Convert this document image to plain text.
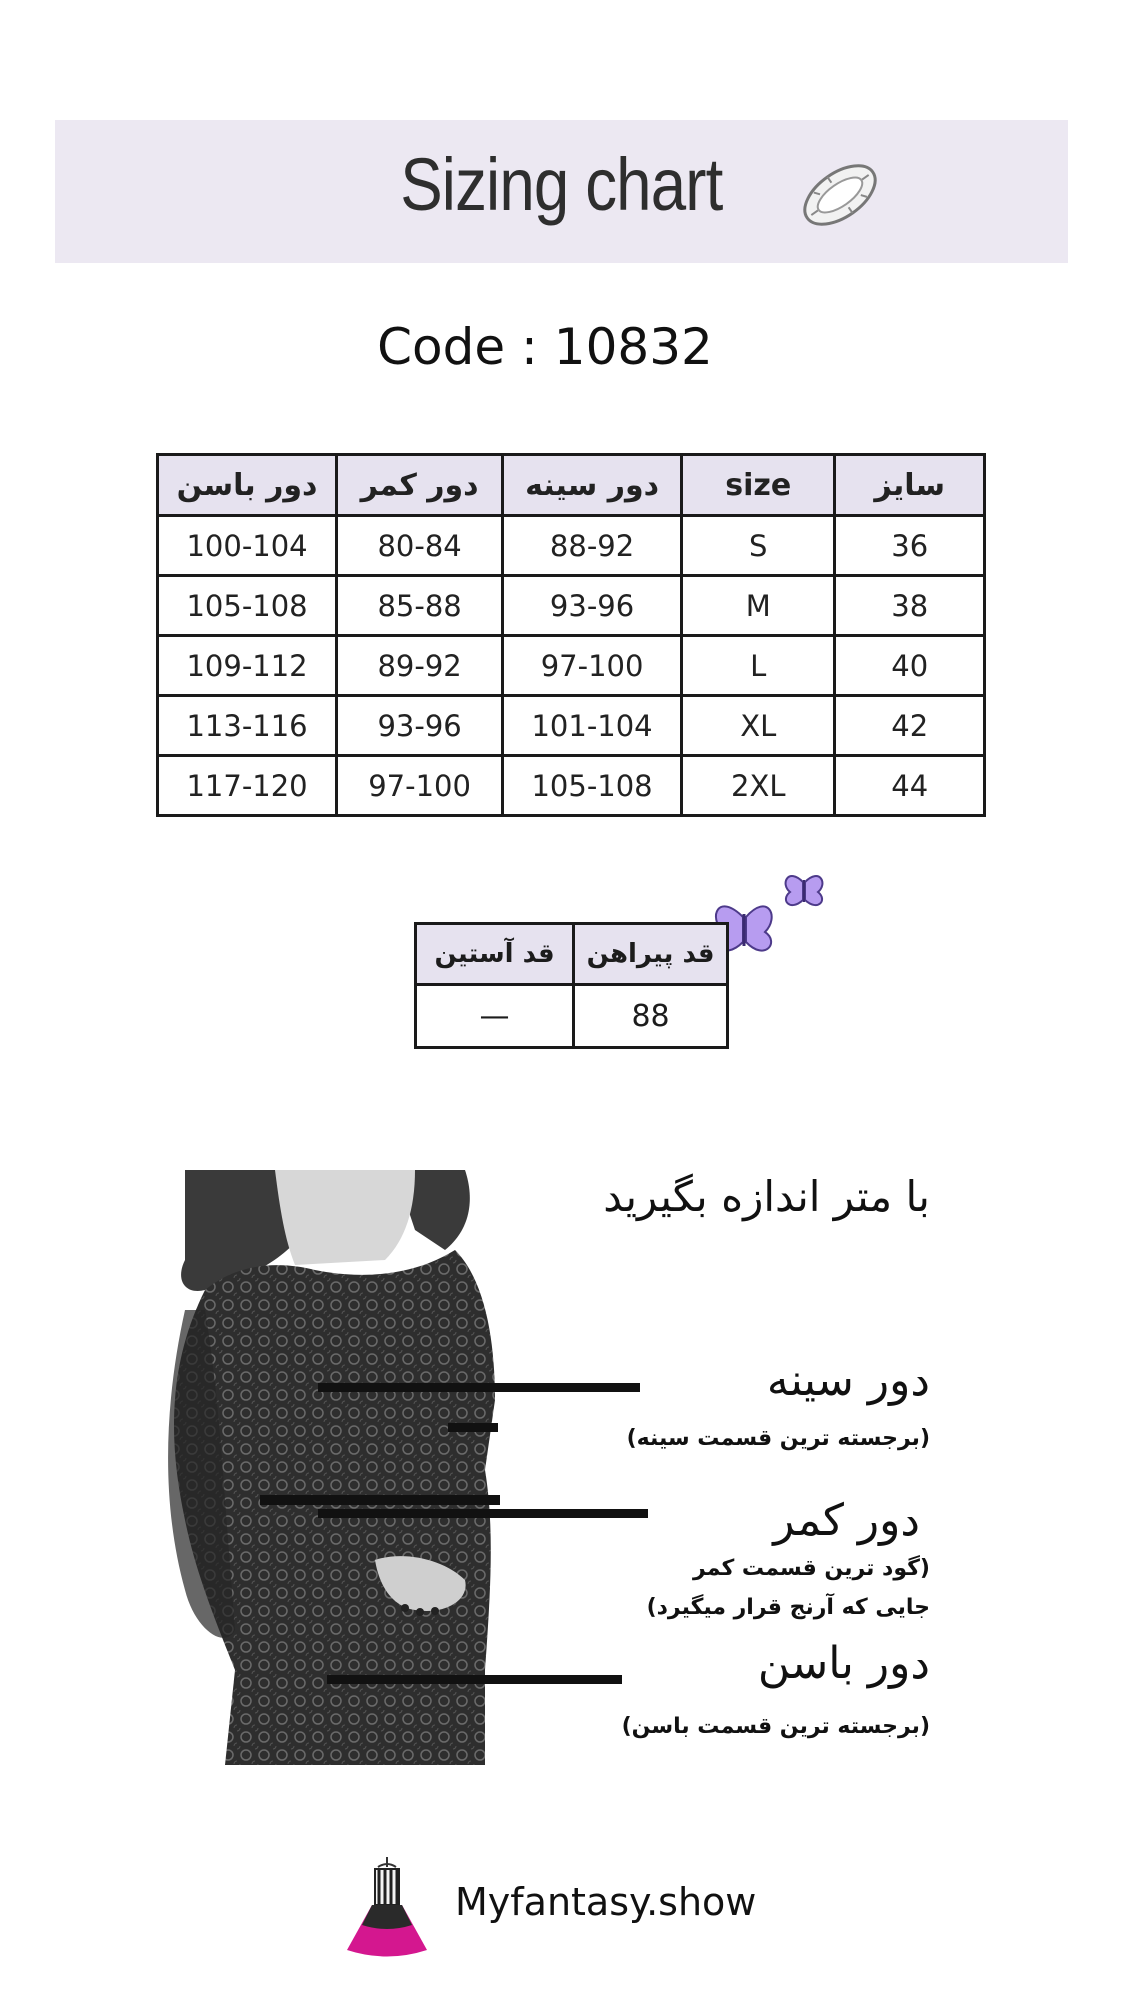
Sizing chart
Code : 10832
دور باسن	دور کمر	دور سینه	size	سایز
100-104	80-84	88-92	S	36
105-108	85-88	93-96	M	38
109-112	89-92	97-100	L	40
113-116	93-96	101-104	XL	42
117-120	97-100	105-108	2XL	44
قد آستین	قد پیراهن
—	88
با متر اندازه بگیرید
دور سینه
(برجسته ترین قسمت سینه)
دور کمر
(گود ترین قسمت کمر
جایی که آرنج قرار میگیرد)
دور باسن
(برجسته ترین قسمت باسن)
Myfantasy.show
